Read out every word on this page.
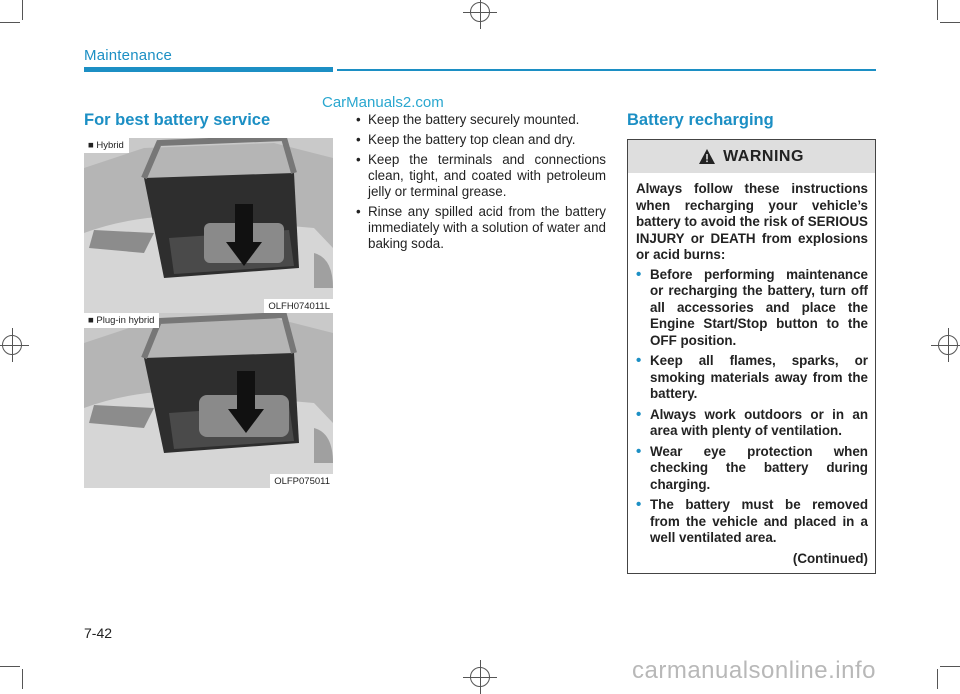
Maintenance
CarManuals2.com
For best battery service
■ Hybrid
OLFH074011L
■ Plug-in hybrid
OLFP075011
• Keep the battery securely mounted.
• Keep the battery top clean and dry.
• Keep the terminals and connections clean, tight, and coated with petroleum jelly or terminal grease.
• Rinse any spilled acid from the battery immediately with a solution of water and baking soda.
Battery recharging
WARNING

Always follow these instructions when recharging your vehicle’s battery to avoid the risk of SERIOUS INJURY or DEATH from explosions or acid burns:

• Before performing maintenance or recharging the battery, turn off all accessories and place the Engine Start/Stop button to the OFF position.
• Keep all flames, sparks, or smoking materials away from the battery.
• Always work outdoors or in an area with plenty of ventilation.
• Wear eye protection when checking the battery during charging.
• The battery must be removed from the vehicle and placed in a well ventilated area.
(Continued)
7-42
carmanualsonline.info
